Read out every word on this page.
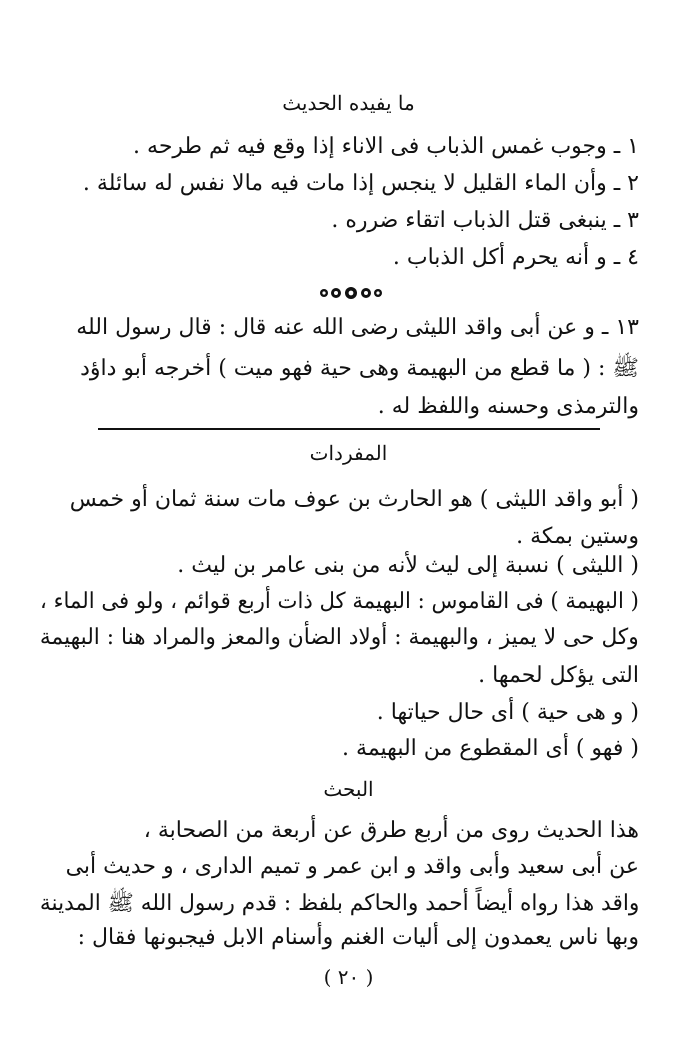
ما يفيده الحديث
١ ـ وجوب غمس الذباب فى الاناء إذا وقع فيه ثم طرحه .
٢ ـ وأن الماء القليل لا ينجس إذا مات فيه مالا نفس له سائلة .
٣ ـ ينبغى قتل الذباب اتقاء ضرره .
٤ ـ و أنه يحرم أكل الذباب .
١٣ ـ و عن أبى واقد الليثى رضى الله عنه قال : قال رسول الله
ﷺ : ( ما قطع من البهيمة وهى حية فهو ميت ) أخرجه أبو داؤد
والترمذى وحسنه واللفظ له .
المفردات
( أبو واقد الليثى ) هو الحارث بن عوف مات سنة ثمان أو خمس
وستين بمكة .
( الليثى ) نسبة إلى ليث لأنه من بنى عامر بن ليث .
( البهيمة ) فى القاموس : البهيمة كل ذات أربع قوائم ، ولو فى الماء ،
وكل حى لا يميز ، والبهيمة : أولاد الضأن والمعز والمراد هنا : البهيمة
التى يؤكل لحمها .
( و هى حية ) أى حال حياتها .
( فهو ) أى المقطوع من البهيمة .
البحث
هذا الحديث روى من أربع طرق عن أربعة من الصحابة ،
عن أبى سعيد وأبى واقد و ابن عمر و تميم الدارى ، و حديث أبى
واقد هذا رواه أيضاً أحمد والحاكم بلفظ : قدم رسول الله ﷺ المدينة
وبها ناس يعمدون إلى أليات الغنم وأسنام الابل فيجبونها فقال :
( ٢٠ )
